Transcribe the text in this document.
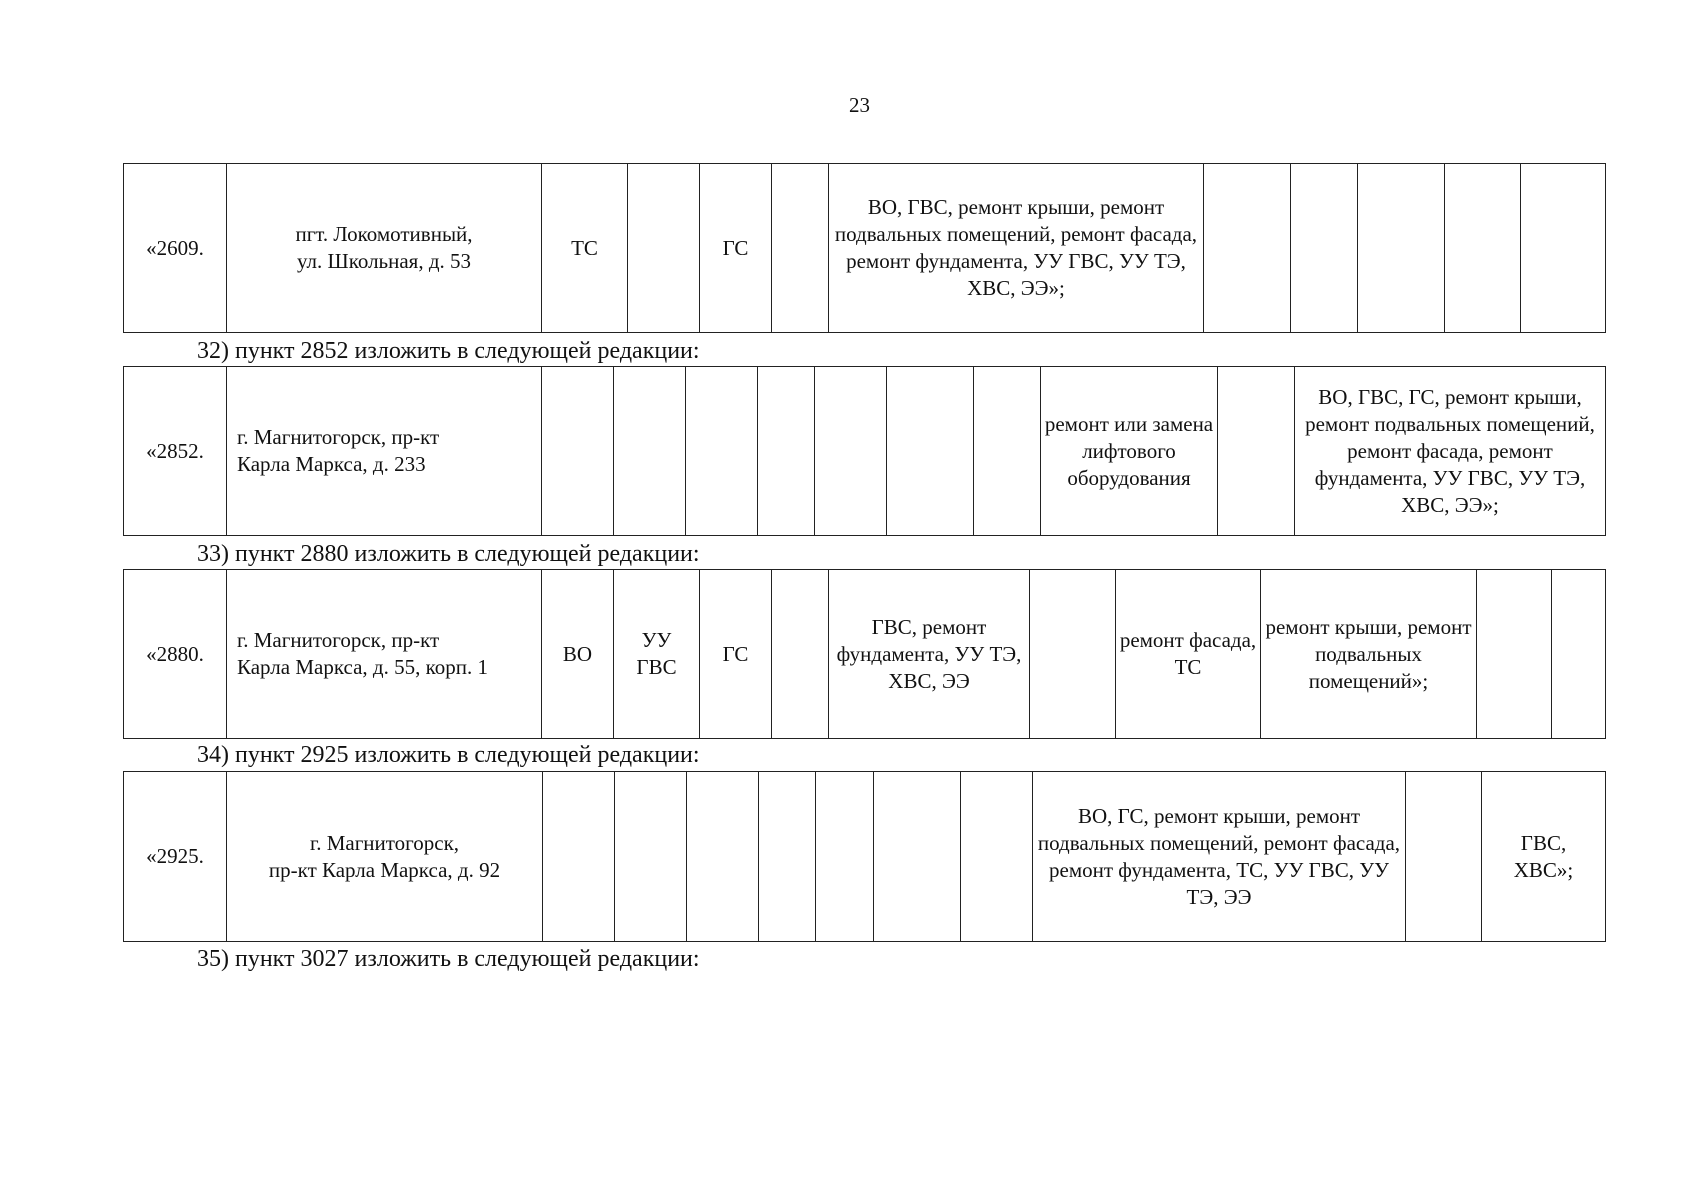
23
«2609.	пгт. Локомотивный,
ул. Школьная, д. 53	ТС		ГС		ВО, ГВС, ремонт крыши, ремонт подвальных помещений, ремонт фасада, ремонт фундамента, УУ ГВС, УУ ТЭ, ХВС, ЭЭ»;					
32) пункт 2852 изложить в следующей редакции:
«2852.	г. Магнитогорск, пр-кт
Карла Маркса, д. 233								ремонт или замена лифтового оборудования		ВО, ГВС, ГС, ремонт крыши, ремонт подвальных помещений, ремонт фасада, ремонт фундамента, УУ ГВС, УУ ТЭ, ХВС, ЭЭ»;
33) пункт 2880 изложить в следующей редакции:
«2880.	г. Магнитогорск, пр-кт
Карла Маркса, д. 55, корп. 1	ВО	УУ
ГВС	ГС		ГВС, ремонт фундамента, УУ ТЭ, ХВС, ЭЭ		ремонт фасада, ТС	ремонт крыши, ремонт подвальных помещений»;		
34) пункт 2925 изложить в следующей редакции:
«2925.	г. Магнитогорск,
пр-кт Карла Маркса, д. 92								ВО, ГС, ремонт крыши, ремонт подвальных помещений, ремонт фасада, ремонт фундамента, ТС, УУ ГВС, УУ ТЭ, ЭЭ		ГВС,
ХВС»;
35) пункт 3027 изложить в следующей редакции:
